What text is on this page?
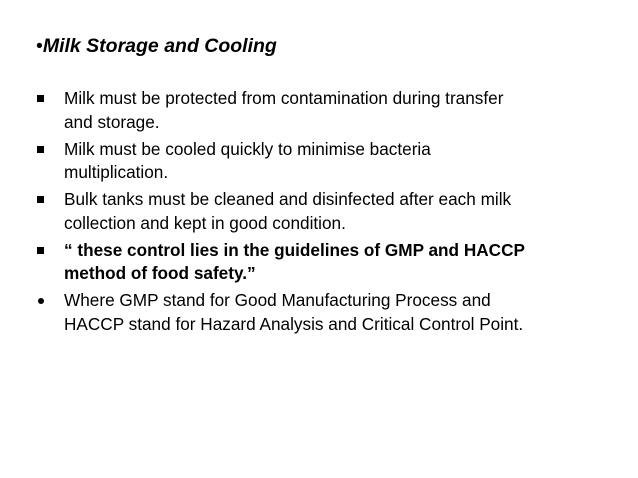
•Milk Storage and Cooling
Milk must be protected from contamination during transfer
and storage.
Milk must be cooled quickly to minimise bacteria
multiplication.
Bulk tanks must be cleaned and disinfected after each milk
collection and kept in good condition.
“ these control lies in the guidelines of GMP and HACCP
method of food safety.”
Where GMP stand for Good Manufacturing Process and
HACCP stand for Hazard Analysis and Critical Control Point.
